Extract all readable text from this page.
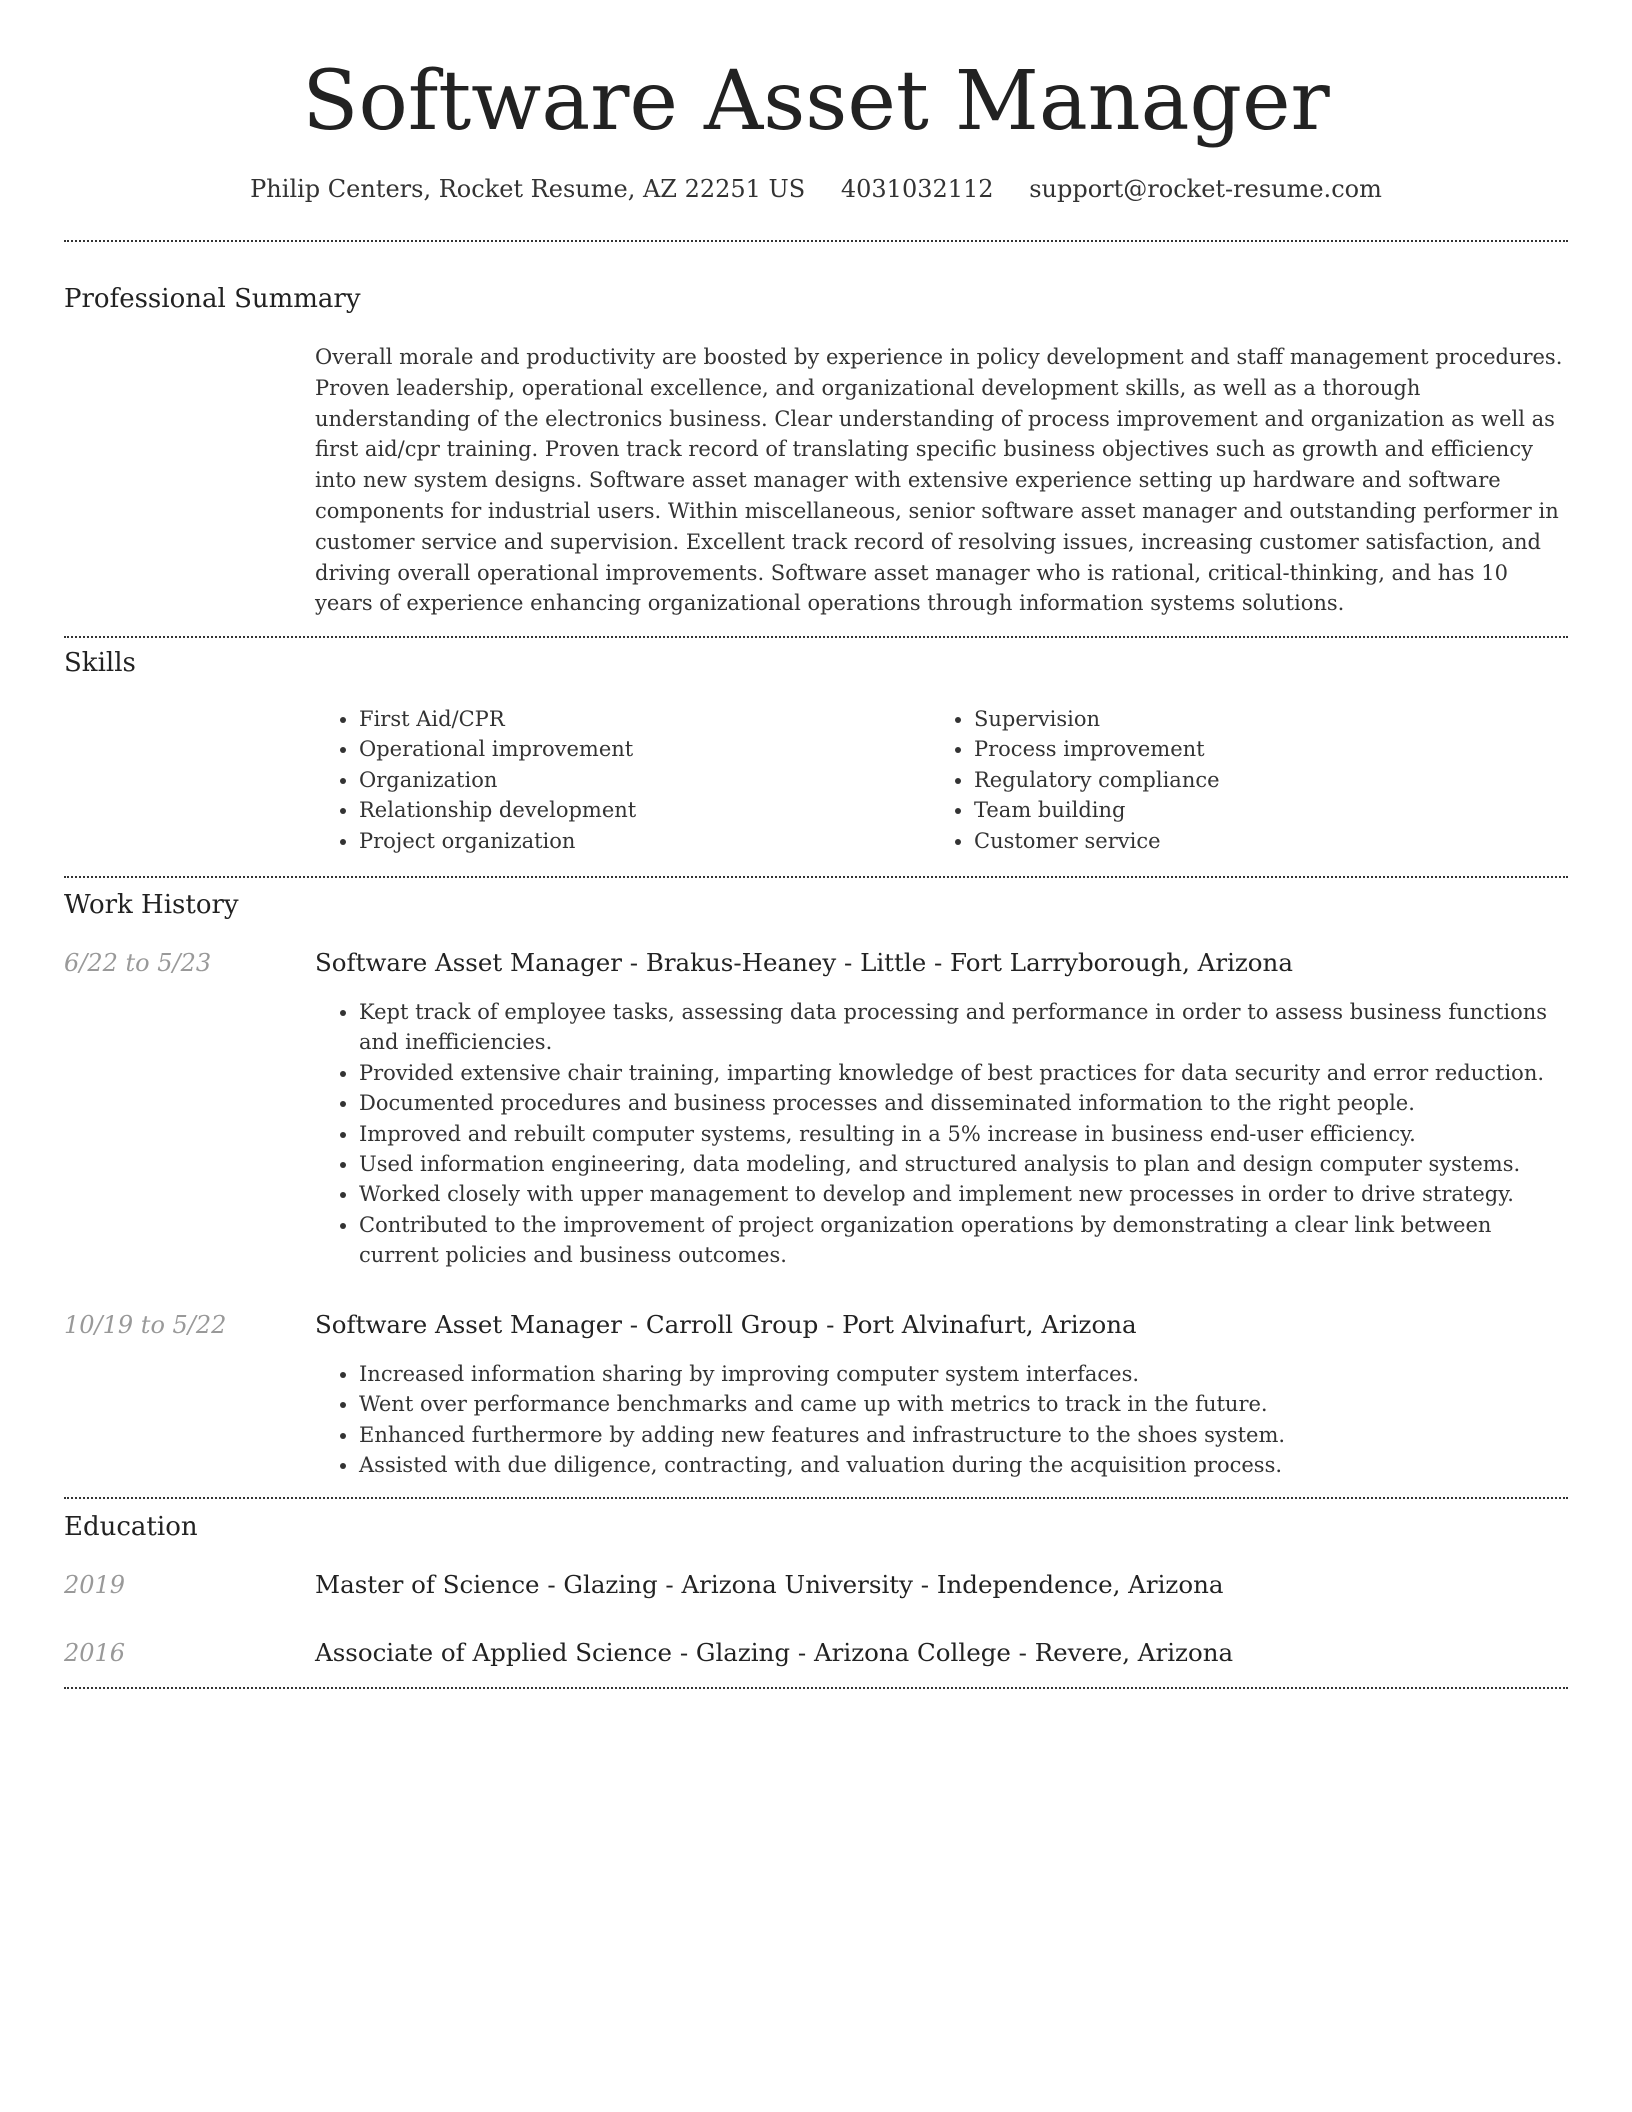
Software Asset Manager
Philip Centers, Rocket Resume, AZ 22251 US 4031032112 support@rocket-resume.com
Professional Summary

Overall morale and productivity are boosted by experience in policy development and staff management procedures. Proven leadership, operational excellence, and organizational development skills, as well as a thorough understanding of the electronics business. Clear understanding of process improvement and organization as well as first aid/cpr training. Proven track record of translating specific business objectives such as growth and efficiency into new system designs. Software asset manager with extensive experience setting up hardware and software components for industrial users. Within miscellaneous, senior software asset manager and outstanding performer in customer service and supervision. Excellent track record of resolving issues, increasing customer satisfaction, and driving overall operational improvements. Software asset manager who is rational, critical-thinking, and has 10 years of experience enhancing organizational operations through information systems solutions.

Skills
• First Aid/CPR
• Operational improvement
• Organization
• Relationship development
• Project organization
• Supervision
• Process improvement
• Regulatory compliance
• Team building
• Customer service
Work History
6/22 to 5/23	Software Asset Manager - Brakus-Heaney - Little - Fort Larryborough, Arizona
• Kept track of employee tasks, assessing data processing and performance in order to assess business functions and inefficiencies.
• Provided extensive chair training, imparting knowledge of best practices for data security and error reduction.
• Documented procedures and business processes and disseminated information to the right people.
• Improved and rebuilt computer systems, resulting in a 5% increase in business end-user efficiency.
• Used information engineering, data modeling, and structured analysis to plan and design computer systems.
• Worked closely with upper management to develop and implement new processes in order to drive strategy.
• Contributed to the improvement of project organization operations by demonstrating a clear link between current policies and business outcomes.
10/19 to 5/22	Software Asset Manager - Carroll Group - Port Alvinafurt, Arizona
• Increased information sharing by improving computer system interfaces.
• Went over performance benchmarks and came up with metrics to track in the future.
• Enhanced furthermore by adding new features and infrastructure to the shoes system.
• Assisted with due diligence, contracting, and valuation during the acquisition process.
Education
2019	Master of Science - Glazing - Arizona University - Independence, Arizona
2016	Associate of Applied Science - Glazing - Arizona College - Revere, Arizona
